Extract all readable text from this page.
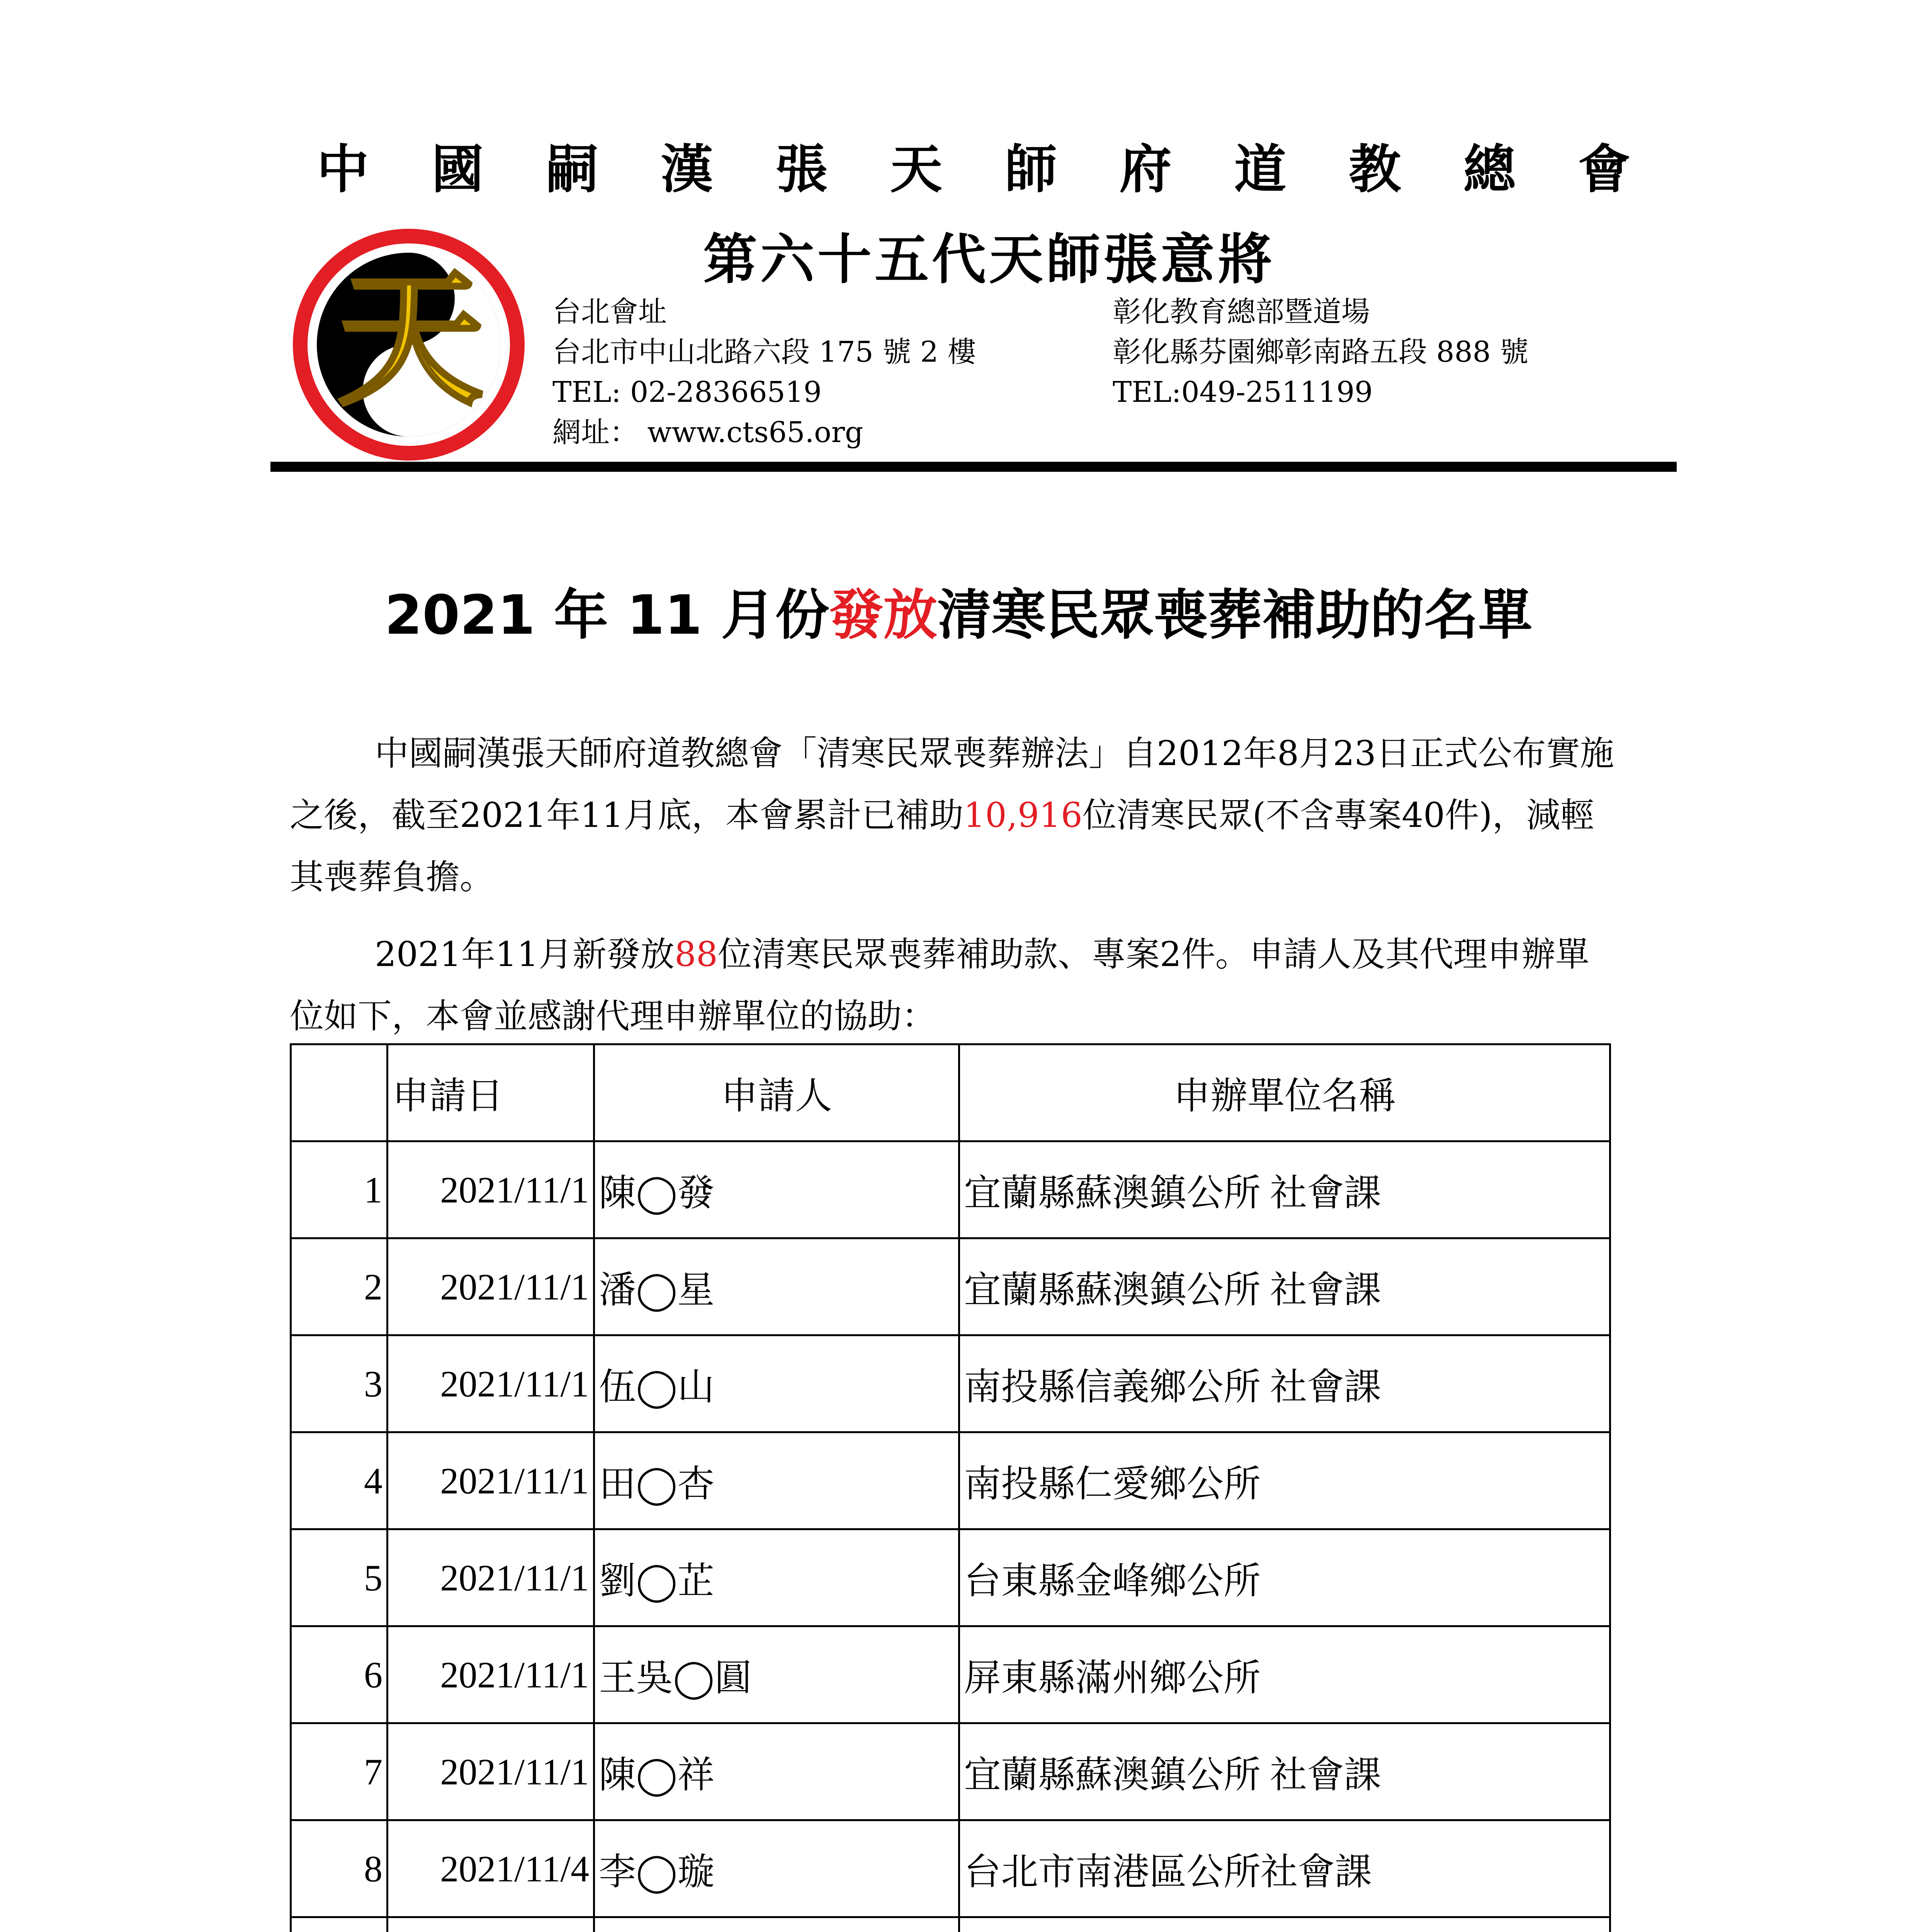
中 國 嗣 漢 張 天 師 府 道 教 總 會
天	第六十五代天師張意將
台北會址
台北市中山北路六段 175 號 2 樓
TEL: 02-28366519
網址： www.cts65.org
彰化教育總部暨道場
彰化縣芬園鄉彰南路五段 888 號
TEL:049-2511199
2021 年 11 月份發放清寒民眾喪葬補助的名單

中國嗣漢張天師府道教總會「清寒民眾喪葬辦法」自2012年8月23日正式公布實施之後，截至2021年11月底，本會累計已補助10,916位清寒民眾(不含專案40件)，減輕其喪葬負擔。

2021年11月新發放88位清寒民眾喪葬補助款、專案2件。申請人及其代理申辦單位如下，本會並感謝代理申辦單位的協助：

	申請日	申請人	申辦單位名稱
1	2021/11/1	陳◯發	宜蘭縣蘇澳鎮公所 社會課
2	2021/11/1	潘◯星	宜蘭縣蘇澳鎮公所 社會課
3	2021/11/1	伍◯山	南投縣信義鄉公所 社會課
4	2021/11/1	田◯杏	南投縣仁愛鄉公所
5	2021/11/1	劉◯芷	台東縣金峰鄉公所
6	2021/11/1	王吳◯圓	屏東縣滿州鄉公所
7	2021/11/1	陳◯祥	宜蘭縣蘇澳鎮公所 社會課
8	2021/11/4	李◯璇	台北市南港區公所社會課
